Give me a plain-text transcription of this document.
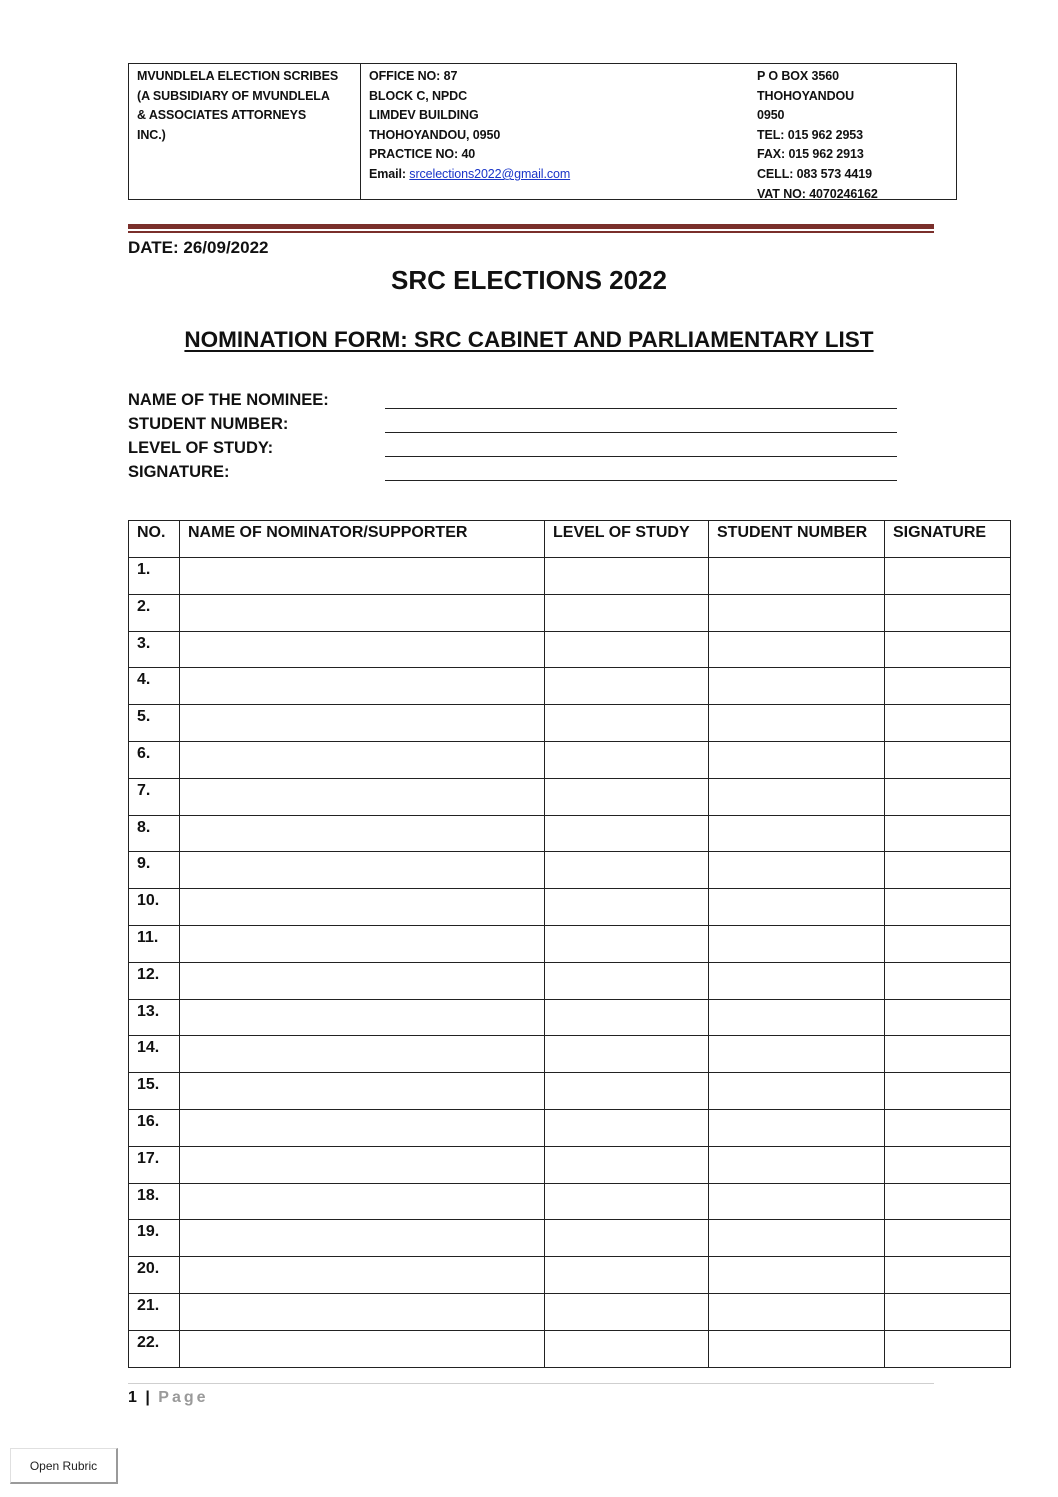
MVUNDLELA ELECTION SCRIBES
(A SUBSIDIARY OF MVUNDLELA
& ASSOCIATES ATTORNEYS
INC.)
OFFICE NO: 87
BLOCK C, NPDC
LIMDEV BUILDING
THOHOYANDOU, 0950
PRACTICE NO: 40
Email: srcelections2022@gmail.com
P O BOX 3560
THOHOYANDOU
0950
TEL: 015 962 2953
FAX: 015 962 2913
CELL: 083 573 4419
VAT NO: 4070246162
DATE: 26/09/2022
SRC ELECTIONS 2022
NOMINATION FORM: SRC CABINET AND PARLIAMENTARY LIST
NAME OF THE NOMINEE:
STUDENT NUMBER:
LEVEL OF STUDY:
SIGNATURE:
NO.	NAME OF NOMINATOR/SUPPORTER	LEVEL OF STUDY	STUDENT NUMBER	SIGNATURE
1.				
2.				
3.				
4.				
5.				
6.				
7.				
8.				
9.				
10.				
11.				
12.				
13.				
14.				
15.				
16.				
17.				
18.				
19.				
20.				
21.				
22.				
1 | Page
Open Rubric
